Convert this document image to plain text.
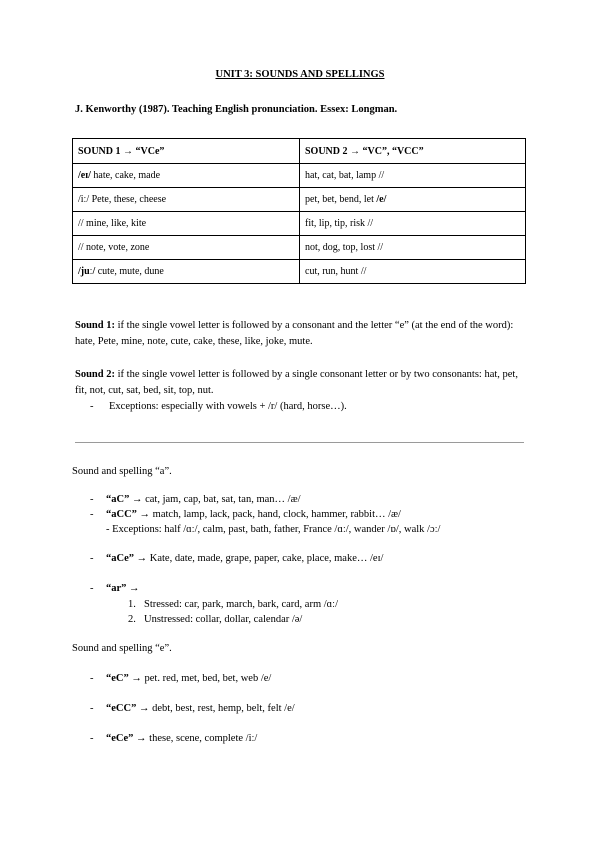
UNIT 3: SOUNDS AND SPELLINGS
J. Kenworthy (1987). Teaching English pronunciation. Essex: Longman.
SOUND 1 → “VCe”	SOUND 2 → “VC”, “VCC”
/eɪ/ hate, cake, made	hat, cat, bat, lamp //
/iː/ Pete, these, cheese	pet, bet, bend, let /e/
// mine, like, kite	fit, lip, tip, risk //
// note, vote, zone	not, dog, top, lost //
/juː/ cute, mute, dune	cut, run, hunt //
Sound 1: if the single vowel letter is followed by a consonant and the letter “e” (at the end of the word): hate, Pete, mine, note, cute, cake, these, like, joke, mute.
Sound 2: if the single vowel letter is followed by a single consonant letter or by two consonants: hat, pet, fit, not, cut, sat, bed, sit, top, nut.
- Exceptions: especially with vowels + /r/ (hard, horse…).
Sound and spelling “a”.
- “aC” → cat, jam, cap, bat, sat, tan, man… /æ/
- “aCC” → match, lamp, lack, pack, hand, clock, hammer, rabbit… /æ/
- Exceptions: half /ɑː/, calm, past, bath, father, France /ɑː/, wander /ɒ/, walk /ɔː/
- “aCe” → Kate, date, made, grape, paper, cake, place, make… /eɪ/
- “ar” →
1. Stressed: car, park, march, bark, card, arm /ɑː/
2. Unstressed: collar, dollar, calendar /ə/
Sound and spelling “e”.
- “eC” → pet. red, met, bed, bet, web /e/
- “eCC” → debt, best, rest, hemp, belt, felt /e/
- “eCe” → these, scene, complete /iː/
